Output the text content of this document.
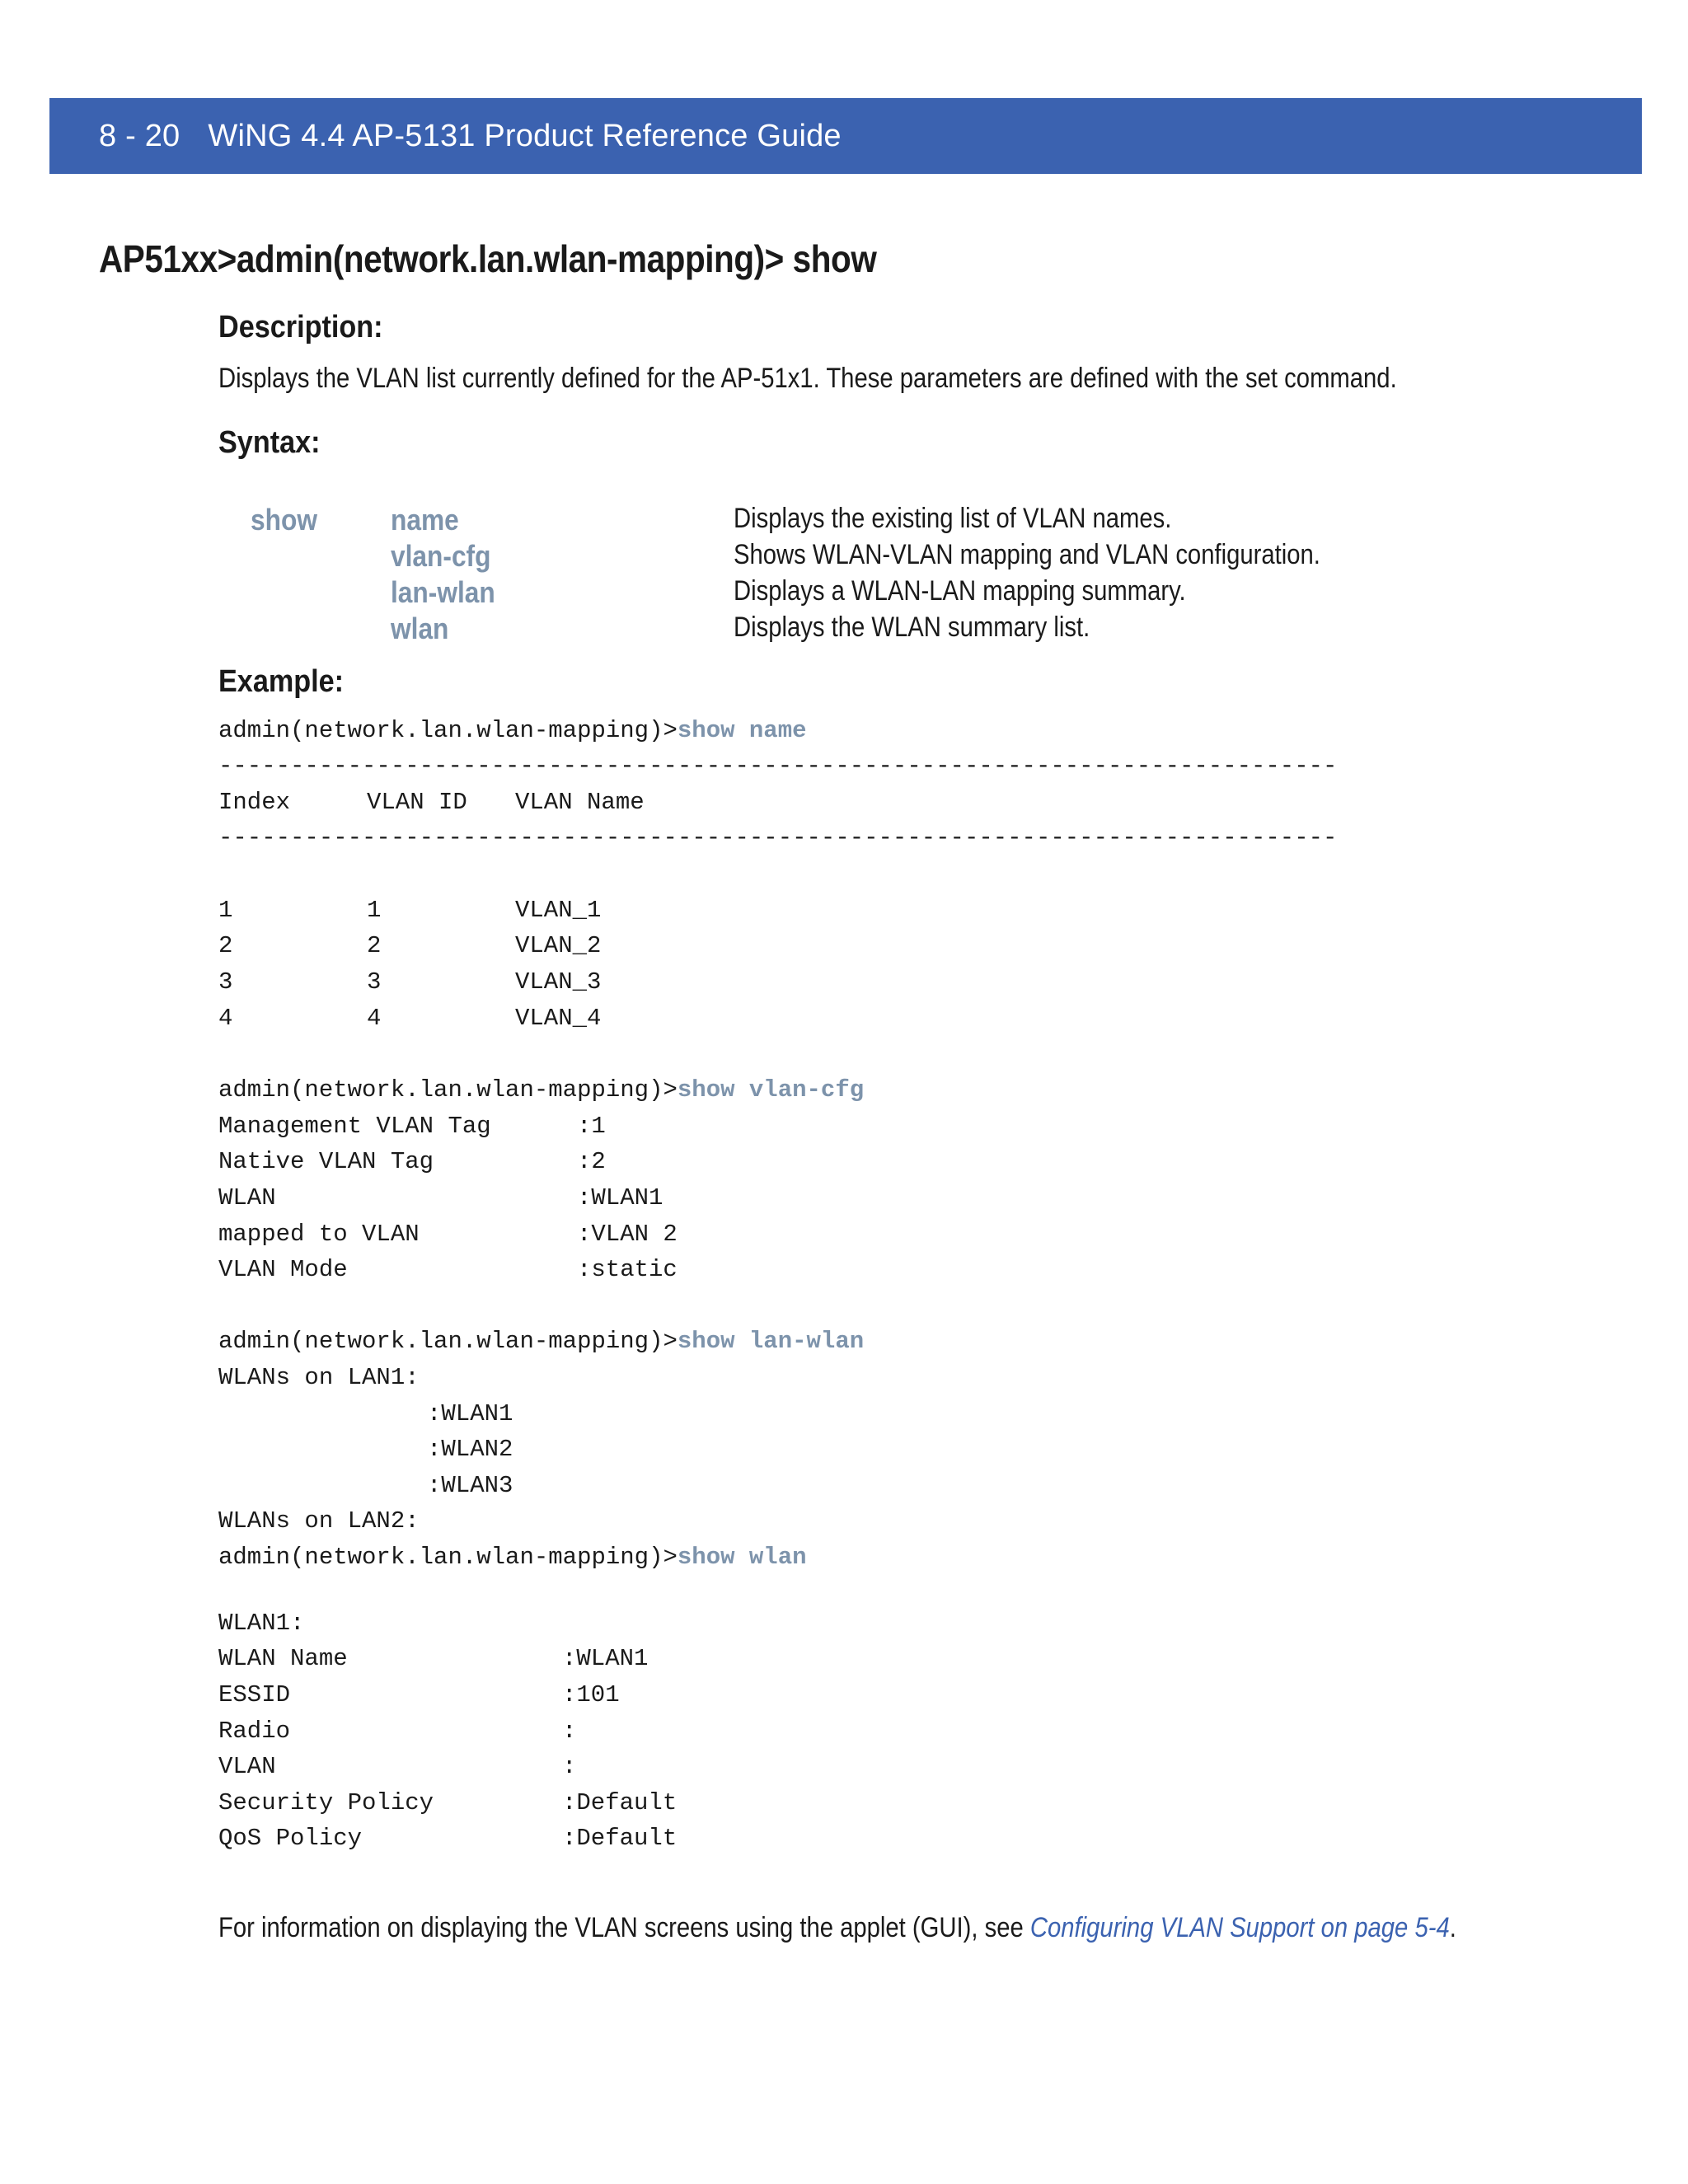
8 - 20 WiNG 4.4 AP-5131 Product Reference Guide
AP51xx>admin(network.lan.wlan-mapping)> show
Description:
Displays the VLAN list currently defined for the AP-51x1. These parameters are defined with the set command.
Syntax:
show name	Displays the existing list of VLAN names.
vlan-cfg	Shows WLAN-VLAN mapping and VLAN configuration.
lan-wlan	Displays a WLAN-LAN mapping summary.
wlan	Displays the WLAN summary list.
Example:
admin(network.lan.wlan-mapping)>show name
------------------------------------------------------------------------------
Index	VLAN ID VLAN Name
------------------------------------------------------------------------------
1	1	VLAN_1
2	2	VLAN_2
3	3	VLAN_3
4	4	VLAN_4
admin(network.lan.wlan-mapping)>show vlan-cfg
Management VLAN Tag	:1
Native VLAN Tag	:2
WLAN	:WLAN1
mapped to VLAN	:VLAN 2
VLAN Mode	:static
admin(network.lan.wlan-mapping)>show lan-wlan
WLANs on LAN1:
:WLAN1
:WLAN2
:WLAN3
WLANs on LAN2:
admin(network.lan.wlan-mapping)>show wlan
WLAN1:
WLAN Name	:WLAN1
ESSID	:101
Radio	:
VLAN	:
Security Policy	:Default
QoS Policy	:Default
For information on displaying the VLAN screens using the applet (GUI), see Configuring VLAN Support on page 5-4.
